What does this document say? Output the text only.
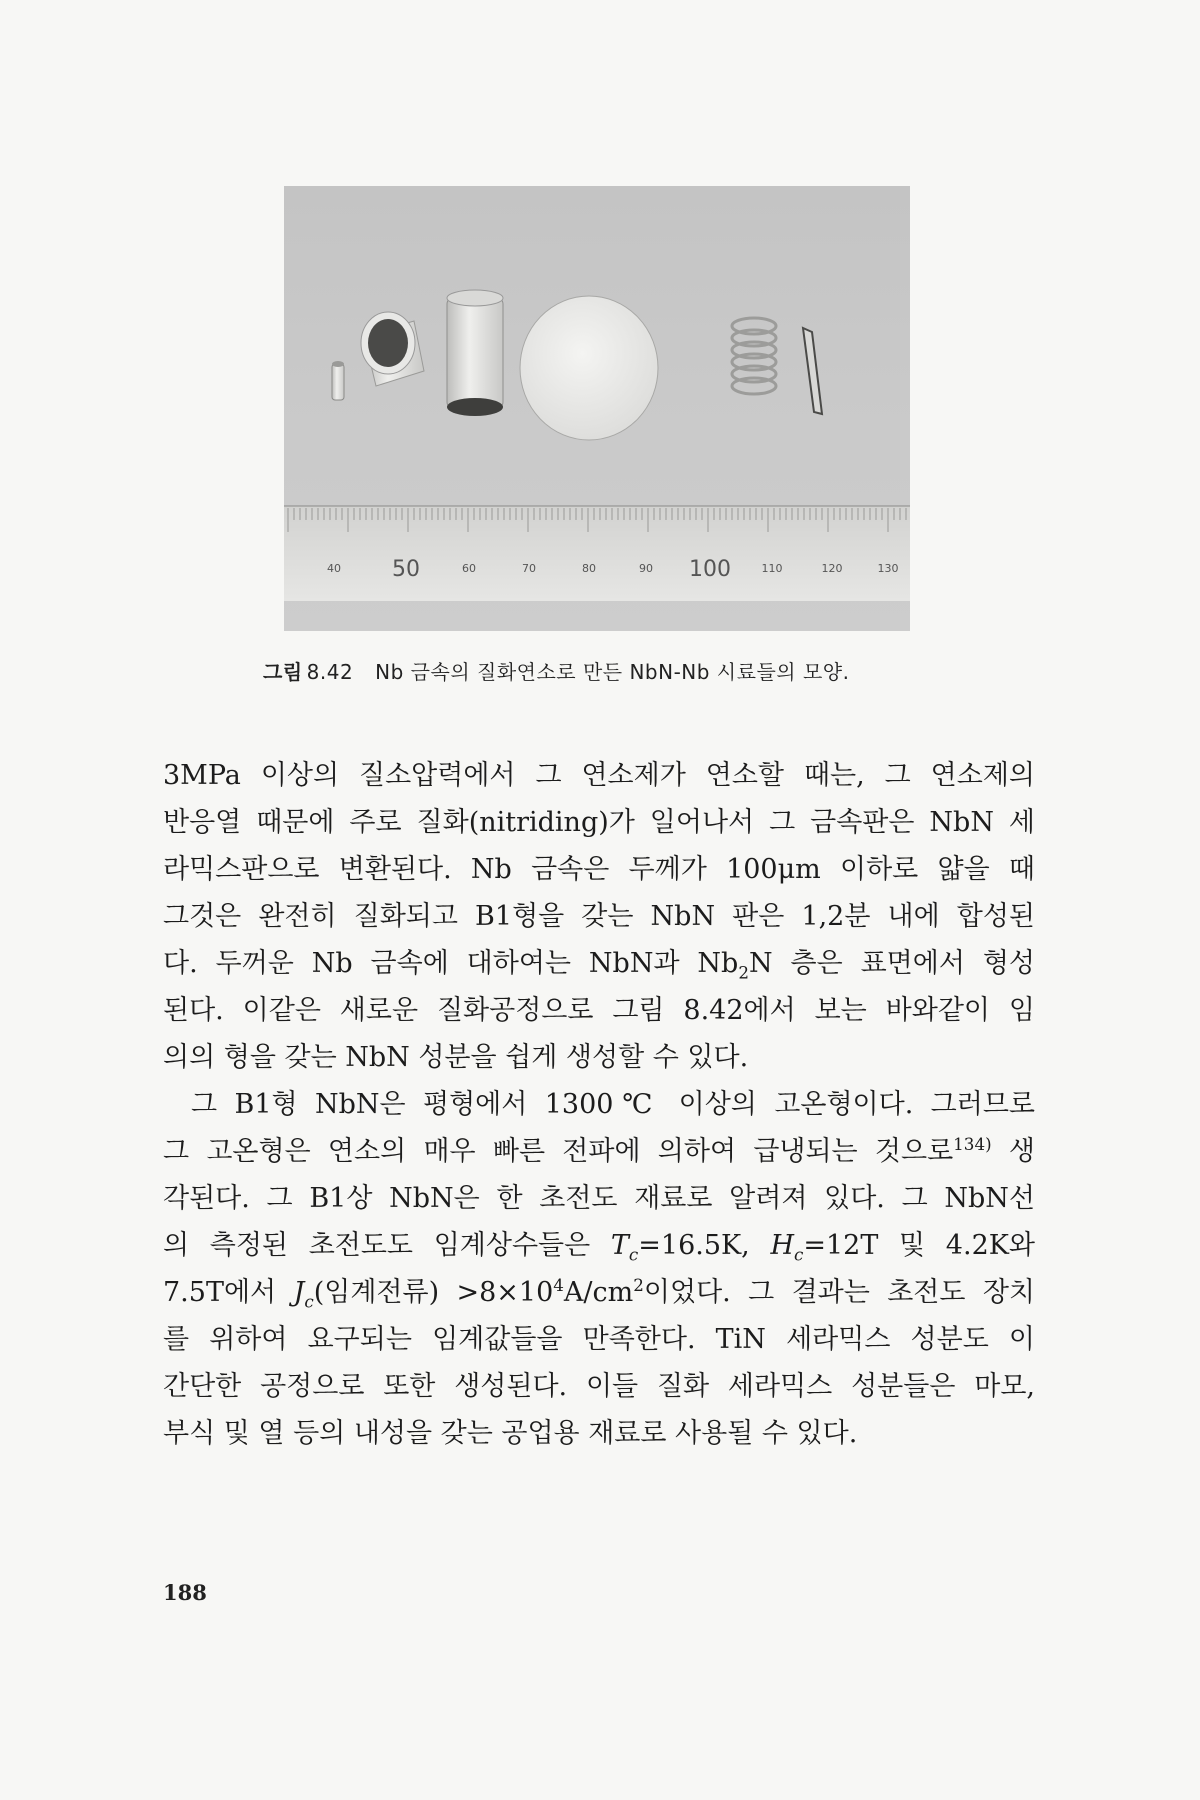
40 50	60	70	80	90 100	110	120	130
그림 8.42 Nb 금속의 질화연소로 만든 NbN-Nb 시료들의 모양.
3MPa 이상의 질소압력에서 그 연소제가 연소할 때는, 그 연소제의
반응열 때문에 주로 질화(nitriding)가 일어나서 그 금속판은 NbN 세
라믹스판으로 변환된다. Nb 금속은 두께가 100μm 이하로 얇을 때
그것은 완전히 질화되고 B1형을 갖는 NbN 판은 1,2분 내에 합성된
다. 두꺼운 Nb 금속에 대하여는 NbN과 $Nb_2N$ 층은 표면에서 형성
된다. 이같은 새로운 질화공정으로 그림 8.42에서 보는 바와같이 임
의의 형을 갖는 NbN 성분을 쉽게 생성할 수 있다.
그 B1형 NbN은 평형에서 1300℃ 이상의 고온형이다. 그러므로
그 고온형은 연소의 매우 빠른 전파에 의하여 급냉되는 것으로$^{134)}$ 생
각된다. 그 B1상 NbN은 한 초전도 재료로 알려져 있다. 그 NbN선
의 측정된 초전도도 임계상수들은 $T_c=16.5K$, $H_c=12T$ 및 4.2K와
7.5T에서 $J_c$(임계전류) $>8\times 10^4A/cm^2$이었다. 그 결과는 초전도 장치
를 위하여 요구되는 임계값들을 만족한다. TiN 세라믹스 성분도 이
간단한 공정으로 또한 생성된다. 이들 질화 세라믹스 성분들은 마모,
부식 및 열 등의 내성을 갖는 공업용 재료로 사용될 수 있다.
188
